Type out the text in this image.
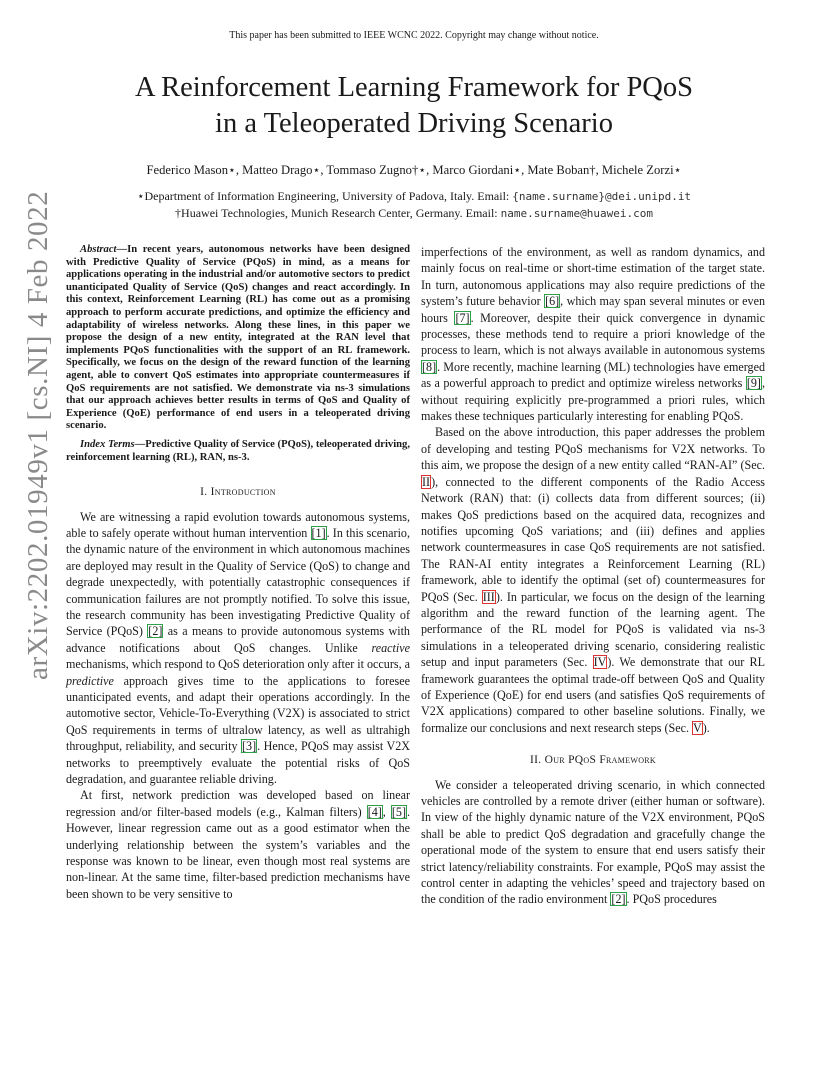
This paper has been submitted to IEEE WCNC 2022. Copyright may change without notice.
A Reinforcement Learning Framework for PQoS
in a Teleoperated Driving Scenario
Federico Mason⋆, Matteo Drago⋆, Tommaso Zugno†⋆, Marco Giordani⋆, Mate Boban†, Michele Zorzi⋆
⋆Department of Information Engineering, University of Padova, Italy. Email: {name.surname}@dei.unipd.it
†Huawei Technologies, Munich Research Center, Germany. Email: name.surname@huawei.com
arXiv:2202.01949v1 [cs.NI] 4 Feb 2022	Abstract—In recent years, autonomous networks have been designed with Predictive Quality of Service (PQoS) in mind, as a means for applications operating in the industrial and/or automotive sectors to predict unanticipated Quality of Service (QoS) changes and react accordingly. In this context, Reinforcement Learning (RL) has come out as a promising approach to perform accurate predictions, and optimize the efficiency and adaptability of wireless networks. Along these lines, in this paper we propose the design of a new entity, integrated at the RAN level that implements PQoS functionalities with the support of an RL framework. Specifically, we focus on the design of the reward function of the learning agent, able to convert QoS estimates into appropriate countermeasures if QoS requirements are not satisfied. We demonstrate via ns-3 simulations that our approach achieves better results in terms of QoS and Quality of Experience (QoE) performance of end users in a teleoperated driving scenario.

Index Terms—Predictive Quality of Service (PQoS), teleoperated driving, reinforcement learning (RL), RAN, ns-3.

I. Introduction

We are witnessing a rapid evolution towards autonomous systems, able to safely operate without human intervention [1]. In this scenario, the dynamic nature of the environment in which autonomous machines are deployed may result in the Quality of Service (QoS) to change and degrade unexpectedly, with potentially catastrophic consequences if communication failures are not promptly notified. To solve this issue, the research community has been investigating Predictive Quality of Service (PQoS) [2] as a means to provide autonomous systems with advance notifications about QoS changes. Unlike reactive mechanisms, which respond to QoS deterioration only after it occurs, a predictive approach gives time to the applications to foresee unanticipated events, and adapt their operations accordingly. In the automotive sector, Vehicle-To-Everything (V2X) is associated to strict QoS requirements in terms of ultralow latency, as well as ultrahigh throughput, reliability, and security [3]. Hence, PQoS may assist V2X networks to preemptively evaluate the potential risks of QoS degradation, and guarantee reliable driving.

At first, network prediction was developed based on linear regression and/or filter-based models (e.g., Kalman filters) [4], [5]. However, linear regression came out as a good estimator when the underlying relationship between the system’s variables and the response was known to be linear, even though most real systems are non-linear. At the same time, filter-based prediction mechanisms have been shown to be very sensitive to

imperfections of the environment, as well as random dynamics, and mainly focus on real-time or short-time estimation of the target state. In turn, autonomous applications may also require predictions of the system’s future behavior [6], which may span several minutes or even hours [7]. Moreover, despite their quick convergence in dynamic processes, these methods tend to require a priori knowledge of the process to learn, which is not always available in autonomous systems [8]. More recently, machine learning (ML) technologies have emerged as a powerful approach to predict and optimize wireless networks [9], without requiring explicitly pre-programmed a priori rules, which makes these techniques particularly interesting for enabling PQoS.

Based on the above introduction, this paper addresses the problem of developing and testing PQoS mechanisms for V2X networks. To this aim, we propose the design of a new entity called “RAN-AI” (Sec. II), connected to the different components of the Radio Access Network (RAN) that: (i) collects data from different sources; (ii) makes QoS predictions based on the acquired data, recognizes and notifies upcoming QoS variations; and (iii) defines and applies network countermeasures in case QoS requirements are not satisfied. The RAN-AI entity integrates a Reinforcement Learning (RL) framework, able to identify the optimal (set of) countermeasures for PQoS (Sec. III). In particular, we focus on the design of the learning algorithm and the reward function of the learning agent. The performance of the RL model for PQoS is validated via ns-3 simulations in a teleoperated driving scenario, considering realistic setup and input parameters (Sec. IV). We demonstrate that our RL framework guarantees the optimal trade-off between QoS and Quality of Experience (QoE) for end users (and satisfies QoS requirements of V2X applications) compared to other baseline solutions. Finally, we formalize our conclusions and next research steps (Sec. V).

II. Our PQoS Framework

We consider a teleoperated driving scenario, in which connected vehicles are controlled by a remote driver (either human or software). In view of the highly dynamic nature of the V2X environment, PQoS shall be able to predict QoS degradation and gracefully change the operational mode of the system to ensure that end users satisfy their strict latency/reliability constraints. For example, PQoS may assist the control center in adapting the vehicles’ speed and trajectory based on the condition of the radio environment [2]. PQoS procedures
